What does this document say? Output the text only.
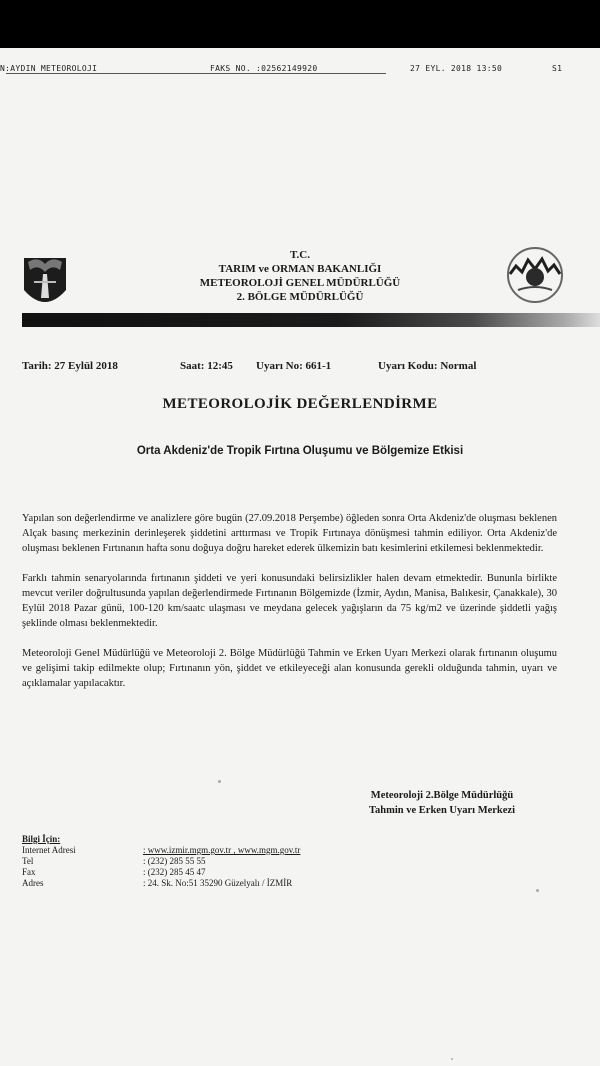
N:AYDIN METEOROLOJI	FAKS NO. :02562149920	27 EYL. 2018 13:50	S1
T.C.
TARIM ve ORMAN BAKANLIĞI
METEOROLOJİ GENEL MÜDÜRLÜĞÜ
2. BÖLGE MÜDÜRLÜĞÜ
Tarih: 27 Eylül 2018	Saat: 12:45 Uyarı No: 661-1	Uyarı Kodu: Normal
METEOROLOJİK DEĞERLENDİRME
Orta Akdeniz'de Tropik Fırtına Oluşumu ve Bölgemize Etkisi

Yapılan son değerlendirme ve analizlere göre bugün (27.09.2018 Perşembe) öğleden sonra Orta Akdeniz'de oluşması beklenen Alçak basınç merkezinin derinleşerek şiddetini arttırması ve Tropik Fırtınaya dönüşmesi tahmin ediliyor. Orta Akdeniz'de oluşması beklenen Fırtınanın hafta sonu doğuya doğru hareket ederek ülkemizin batı kesimlerini etkilemesi beklenmektedir.

Farklı tahmin senaryolarında fırtınanın şiddeti ve yeri konusundaki belirsizlikler halen devam etmektedir. Bununla birlikte mevcut veriler doğrultusunda yapılan değerlendirmede Fırtınanın Bölgemizde (İzmir, Aydın, Manisa, Balıkesir, Çanakkale), 30 Eylül 2018 Pazar günü, 100-120 km/saatc ulaşması ve meydana gelecek yağışların da 75 kg/m2 ve üzerinde şiddetli yağış şeklinde olması beklenmektedir.

Meteoroloji Genel Müdürlüğü ve Meteoroloji 2. Bölge Müdürlüğü Tahmin ve Erken Uyarı Merkezi olarak fırtınanın oluşumu ve gelişimi takip edilmekte olup; Fırtınanın yön, şiddet ve etkileyeceği alan konusunda gerekli olduğunda tahmin, uyarı ve açıklamalar yapılacaktır.

Meteoroloji 2.Bölge Müdürlüğü
Tahmin ve Erken Uyarı Merkezi
Bilgi İçin:
Internet Adresi	: www.izmir.mgm.gov.tr , www.mgm.gov.tr
Tel	: (232) 285 55 55
Fax	: (232) 285 45 47
Adres	: 24. Sk. No:51 35290 Güzelyalı / İZMİR
